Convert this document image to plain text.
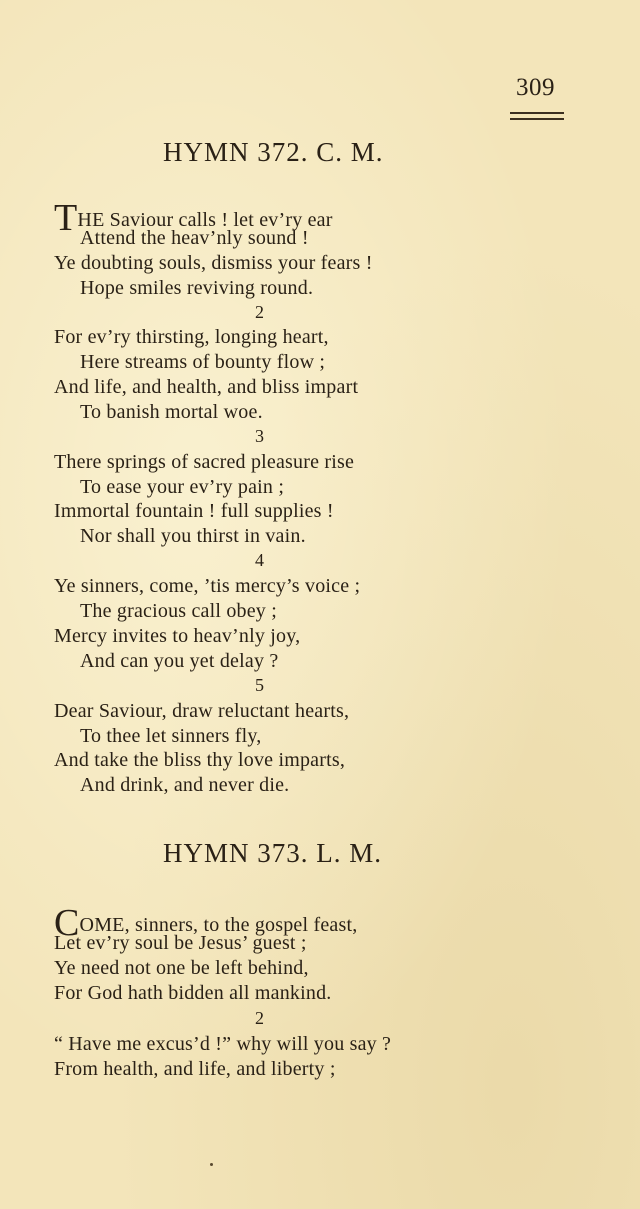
309
HYMN 372. C. M.
THE Saviour calls ! let ev’ry ear
Attend the heav’nly sound !
Ye doubting souls, dismiss your fears !
Hope smiles reviving round.
2
For ev’ry thirsting, longing heart,
Here streams of bounty flow ;
And life, and health, and bliss impart
To banish mortal woe.
3
There springs of sacred pleasure rise
To ease your ev’ry pain ;
Immortal fountain ! full supplies !
Nor shall you thirst in vain.
4
Ye sinners, come, ’tis mercy’s voice ;
The gracious call obey ;
Mercy invites to heav’nly joy,
And can you yet delay ?
5
Dear Saviour, draw reluctant hearts,
To thee let sinners fly,
And take the bliss thy love imparts,
And drink, and never die.
HYMN 373. L. M.
COME, sinners, to the gospel feast,
Let ev’ry soul be Jesus’ guest ;
Ye need not one be left behind,
For God hath bidden all mankind.
2
“ Have me excus’d !” why will you say ?
From health, and life, and liberty ;
